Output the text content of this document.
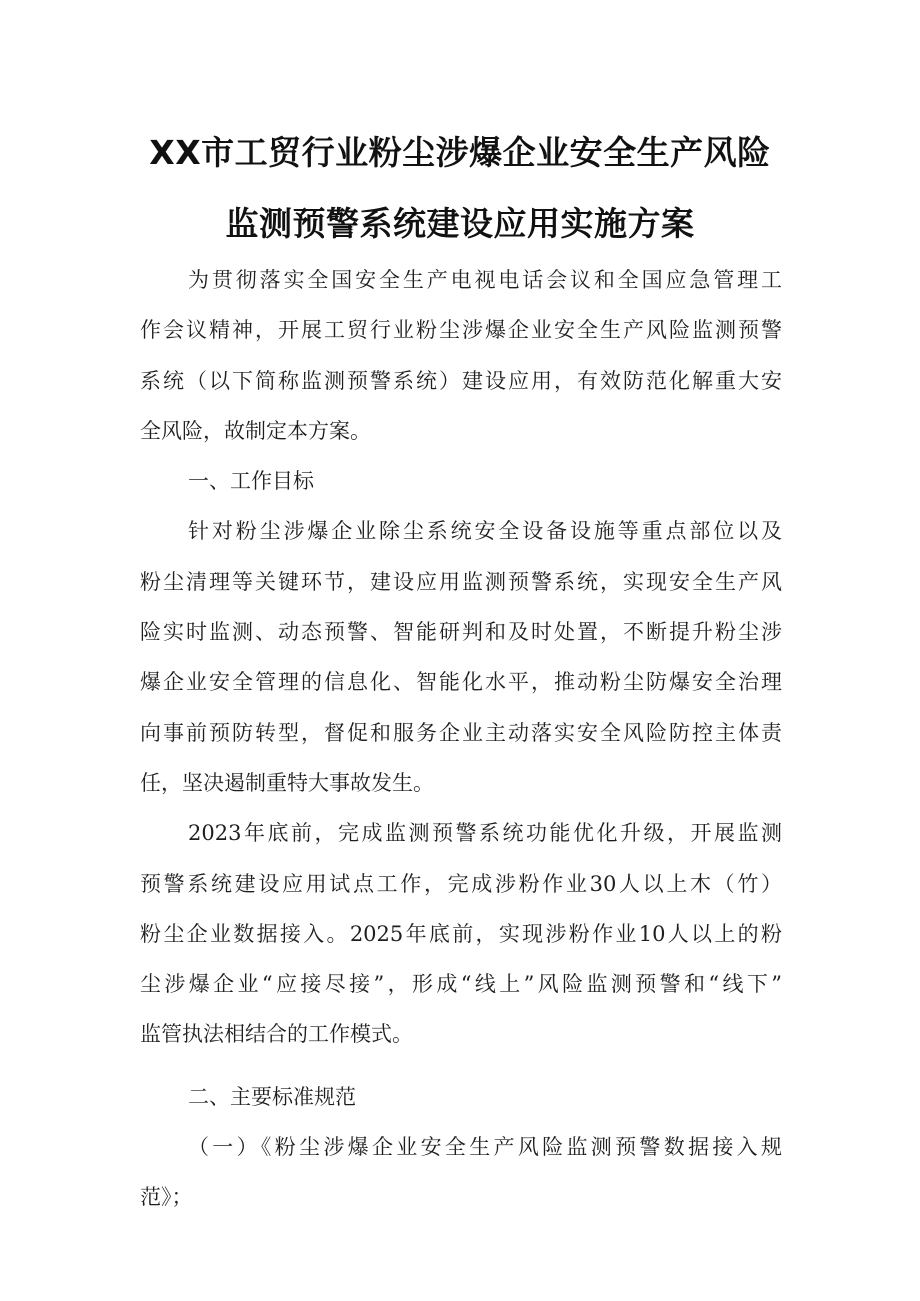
XX市工贸行业粉尘涉爆企业安全生产风险
监测预警系统建设应用实施方案
为贯彻落实全国安全生产电视电话会议和全国应急管理工
作会议精神，开展工贸行业粉尘涉爆企业安全生产风险监测预警
系统（以下简称监测预警系统）建设应用，有效防范化解重大安
全风险，故制定本方案。
一、工作目标
针对粉尘涉爆企业除尘系统安全设备设施等重点部位以及
粉尘清理等关键环节，建设应用监测预警系统，实现安全生产风
险实时监测、动态预警、智能研判和及时处置，不断提升粉尘涉
爆企业安全管理的信息化、智能化水平，推动粉尘防爆安全治理
向事前预防转型，督促和服务企业主动落实安全风险防控主体责
任，坚决遏制重特大事故发生。
2023年底前，完成监测预警系统功能优化升级，开展监测
预警系统建设应用试点工作，完成涉粉作业30人以上木（竹）
粉尘企业数据接入。2025年底前，实现涉粉作业10人以上的粉
尘涉爆企业“应接尽接”，形成“线上”风险监测预警和“线下”
监管执法相结合的工作模式。
二、主要标准规范
（一）《粉尘涉爆企业安全生产风险监测预警数据接入规
范》；
